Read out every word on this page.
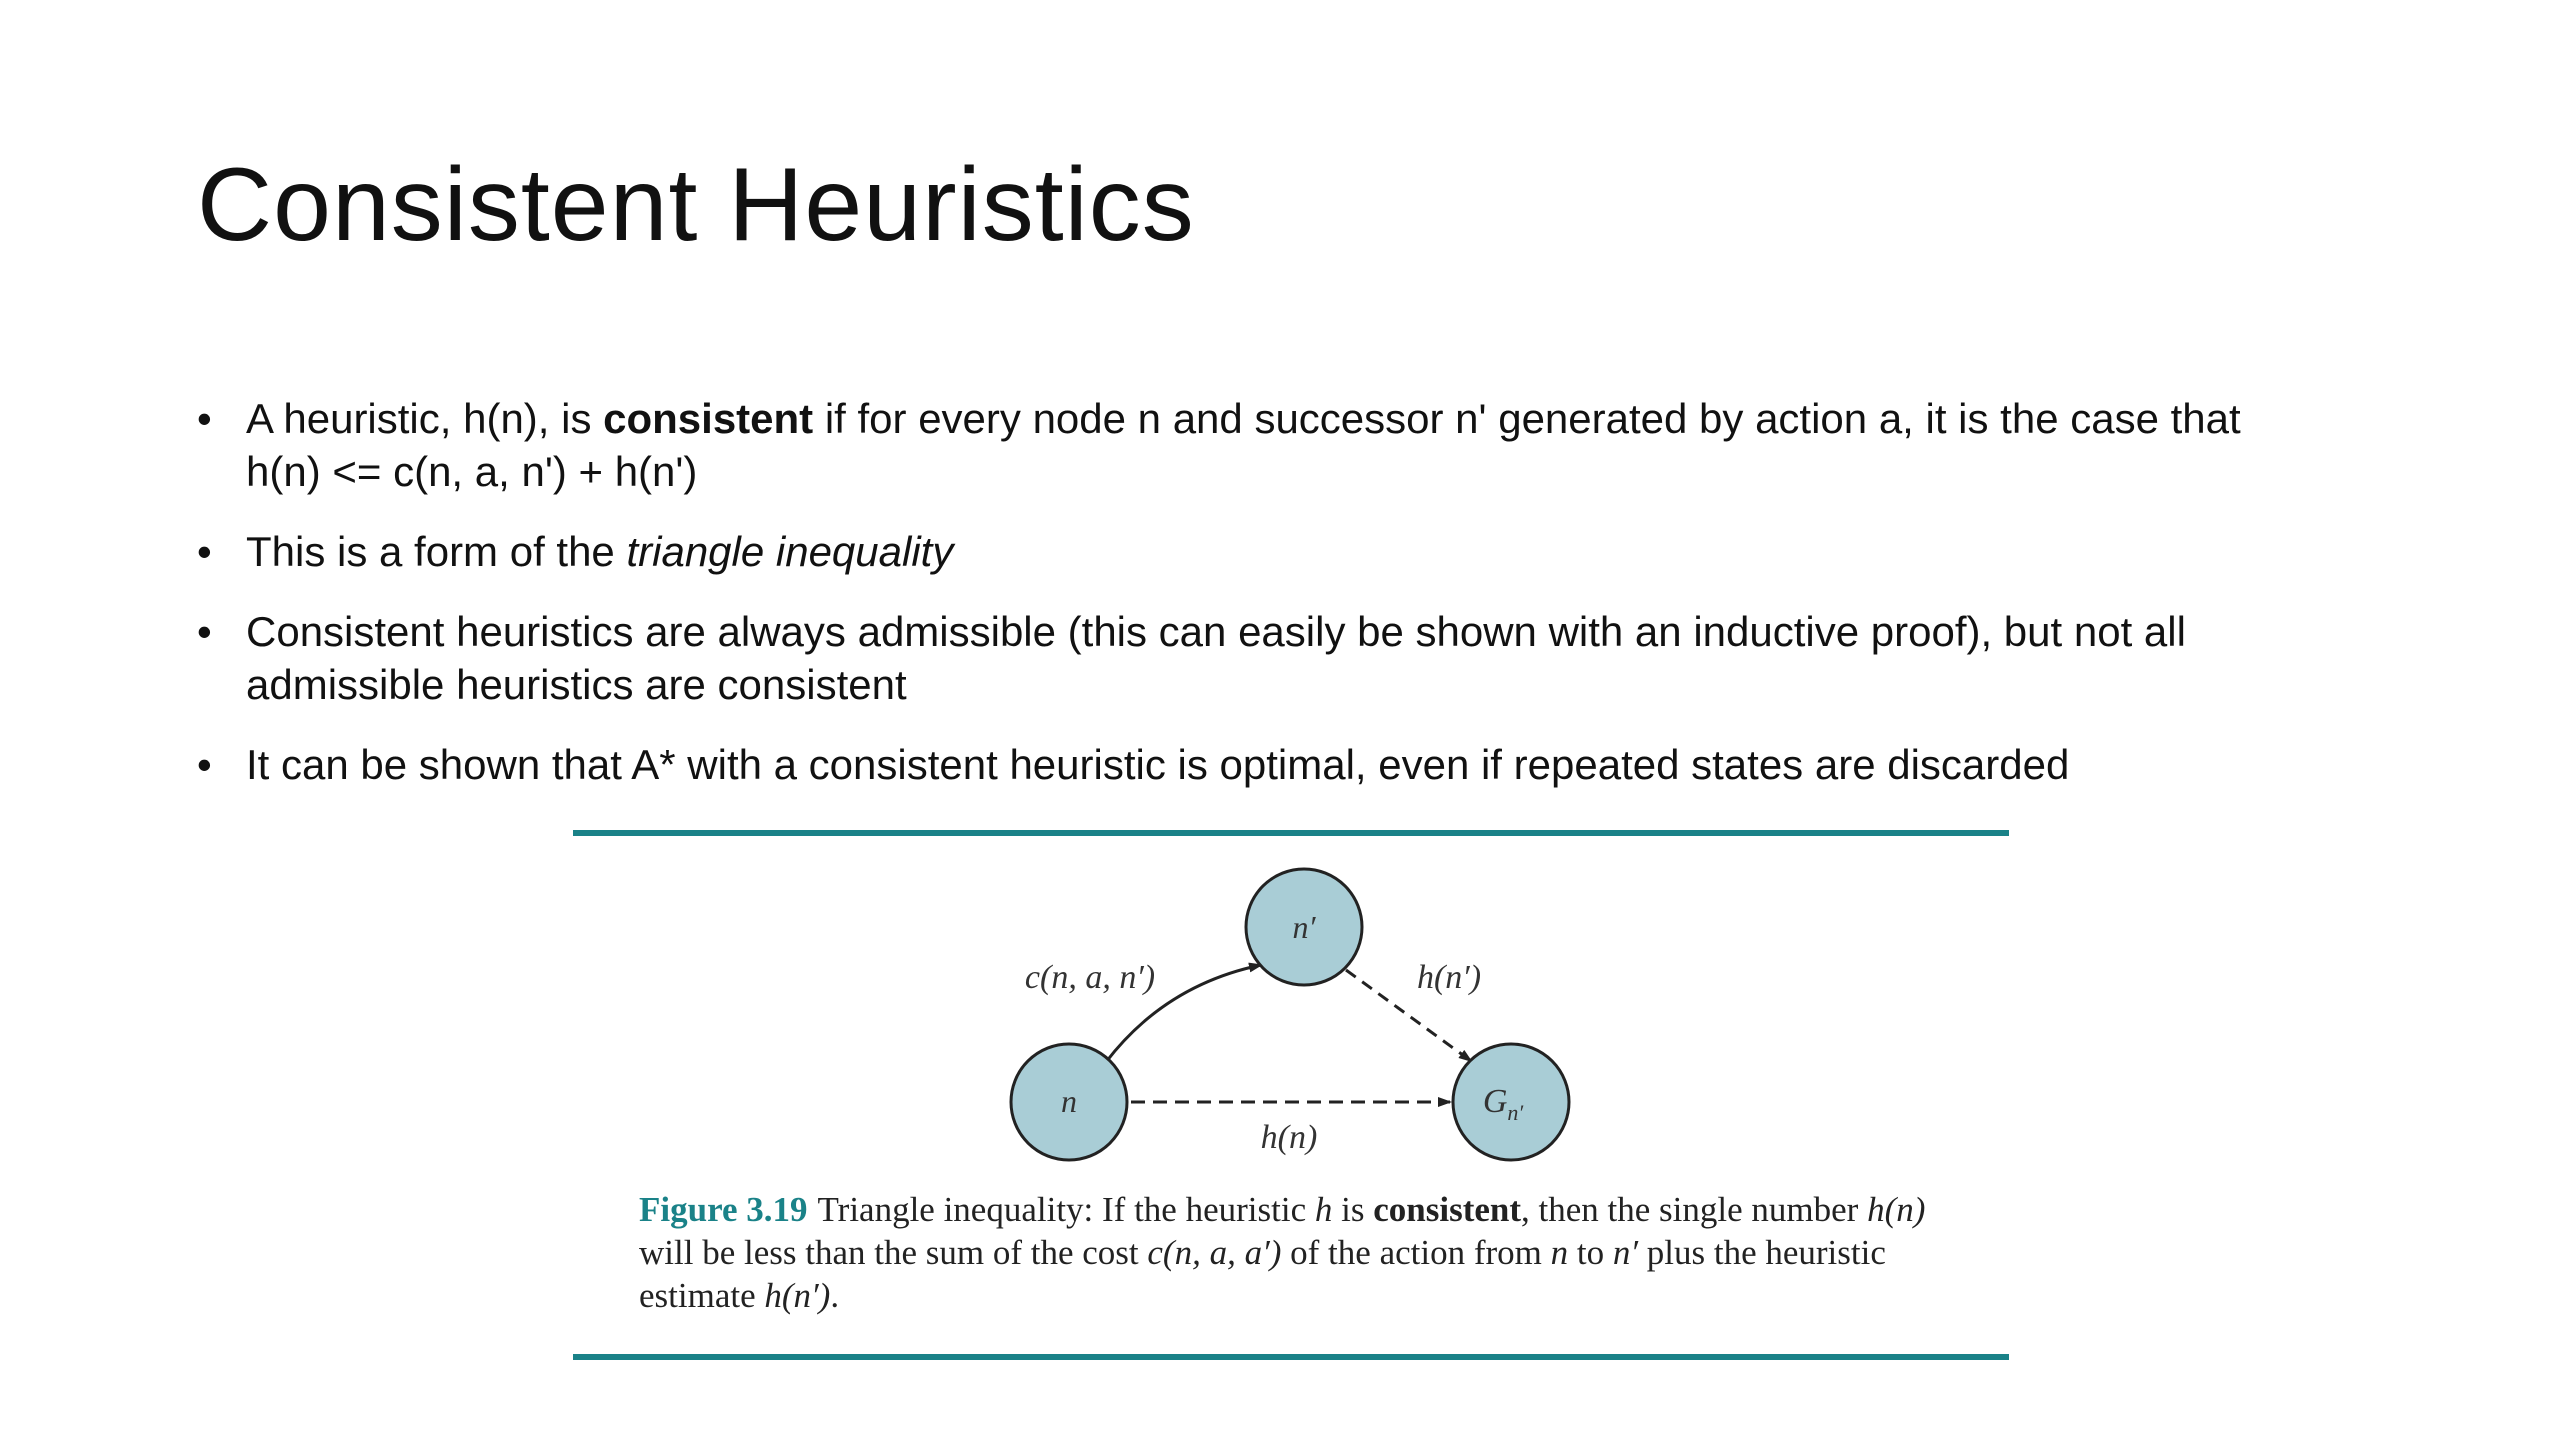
Consistent Heuristics
• A heuristic, h(n), is consistent if for every node n and successor n' generated by action a, it is the case that
h(n) <= c(n, a, n') + h(n')
• This is a form of the triangle inequality
• Consistent heuristics are always admissible (this can easily be shown with an inductive proof), but not all admissible heuristics are consistent
• It can be shown that A* with a consistent heuristic is optimal, even if repeated states are discarded
n′
n	$G_{n'}$
c(n, a, n′)	h(n′)
h(n)
Figure 3.19 Triangle inequality: If the heuristic h is consistent, then the single number h(n) will be less than the sum of the cost c(n, a, a′) of the action from n to n′ plus the heuristic estimate h(n′).
